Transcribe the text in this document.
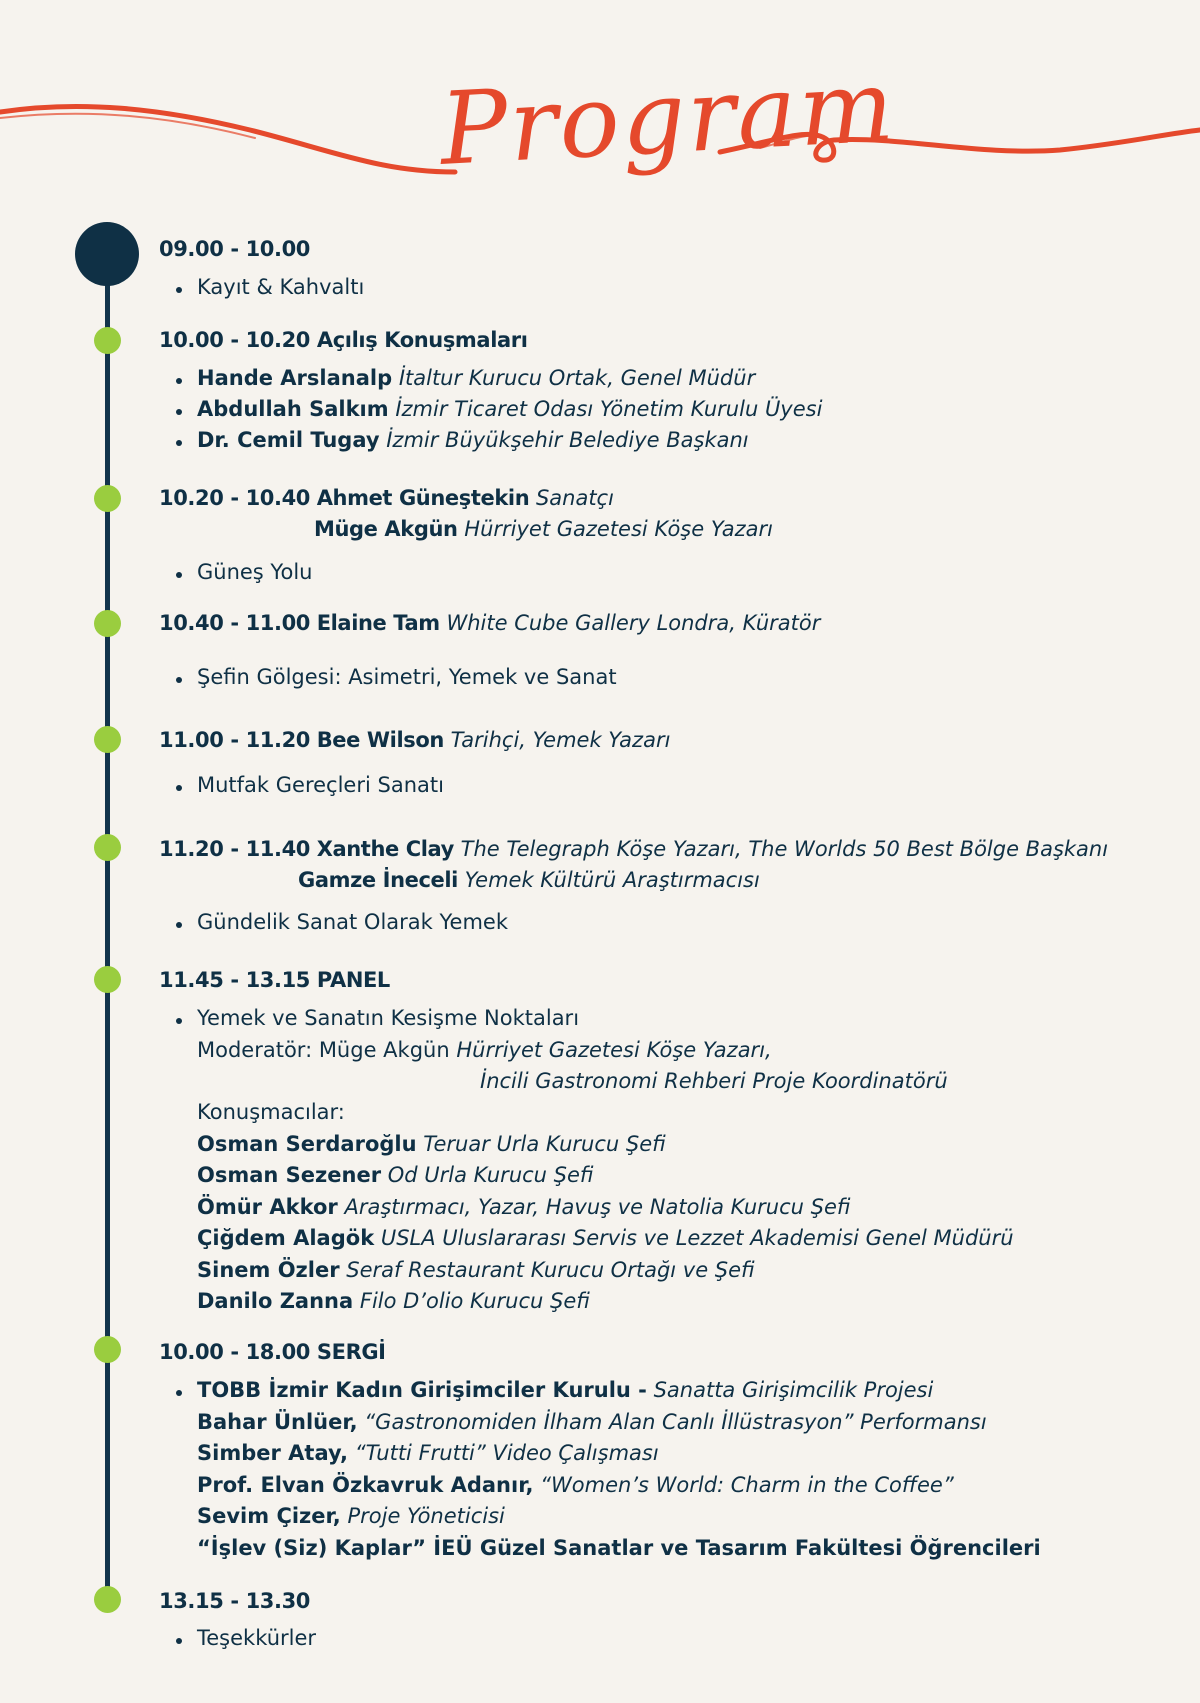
Program
09.00 - 10.00
Kayıt & Kahvaltı
10.00 - 10.20 Açılış Konuşmaları
Hande Arslanalp İtaltur Kurucu Ortak, Genel Müdür
Abdullah Salkım İzmir Ticaret Odası Yönetim Kurulu Üyesi
Dr. Cemil Tugay İzmir Büyükşehir Belediye Başkanı
10.20 - 10.40 Ahmet Güneştekin Sanatçı
Müge Akgün Hürriyet Gazetesi Köşe Yazarı
Güneş Yolu
10.40 - 11.00 Elaine Tam White Cube Gallery Londra, Küratör
Şefin Gölgesi: Asimetri, Yemek ve Sanat
11.00 - 11.20 Bee Wilson Tarihçi, Yemek Yazarı
Mutfak Gereçleri Sanatı
11.20 - 11.40 Xanthe Clay The Telegraph Köşe Yazarı, The Worlds 50 Best Bölge Başkanı
Gamze İneceli Yemek Kültürü Araştırmacısı
Gündelik Sanat Olarak Yemek
11.45 - 13.15 PANEL
Yemek ve Sanatın Kesişme Noktaları
Moderatör: Müge Akgün Hürriyet Gazetesi Köşe Yazarı,
İncili Gastronomi Rehberi Proje Koordinatörü
Konuşmacılar:
Osman Serdaroğlu Teruar Urla Kurucu Şefi
Osman Sezener Od Urla Kurucu Şefi
Ömür Akkor Araştırmacı, Yazar, Havuş ve Natolia Kurucu Şefi
Çiğdem Alagök USLA Uluslararası Servis ve Lezzet Akademisi Genel Müdürü
Sinem Özler Seraf Restaurant Kurucu Ortağı ve Şefi
Danilo Zanna Filo D’olio Kurucu Şefi
10.00 - 18.00 SERGİ
TOBB İzmir Kadın Girişimciler Kurulu - Sanatta Girişimcilik Projesi
Bahar Ünlüer, “Gastronomiden İlham Alan Canlı İllüstrasyon” Performansı
Simber Atay, “Tutti Frutti” Video Çalışması
Prof. Elvan Özkavruk Adanır, “Women’s World: Charm in the Coffee”
Sevim Çizer, Proje Yöneticisi
“İşlev (Siz) Kaplar” İEÜ Güzel Sanatlar ve Tasarım Fakültesi Öğrencileri
13.15 - 13.30
Teşekkürler
